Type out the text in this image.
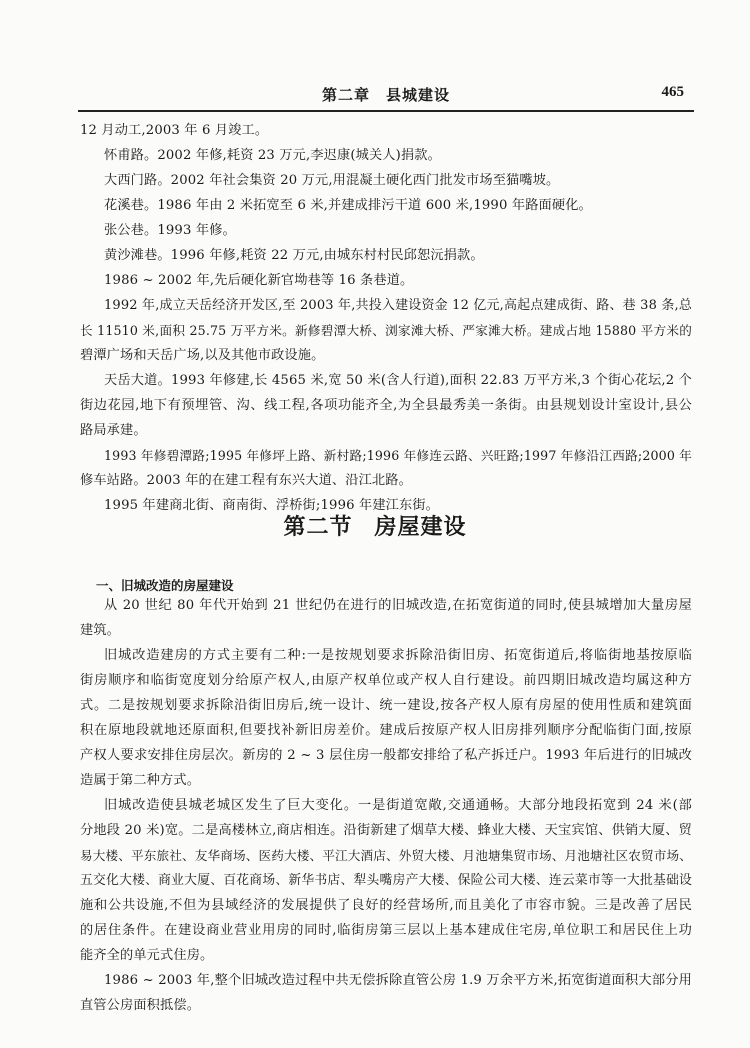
第二章 县城建设	465
12 月动工,2003 年 6 月竣工。
怀甫路。2002 年修,耗资 23 万元,李迟康(城关人)捐款。
大西门路。2002 年社会集资 20 万元,用混凝土硬化西门批发市场至猫嘴坡。
花溪巷。1986 年由 2 米拓宽至 6 米,并建成排污干道 600 米,1990 年路面硬化。
张公巷。1993 年修。
黄沙滩巷。1996 年修,耗资 22 万元,由城东村村民邱恕沅捐款。
1986 ~ 2002 年,先后硬化新官坳巷等 16 条巷道。
1992 年,成立天岳经济开发区,至 2003 年,共投入建设资金 12 亿元,高起点建成街、路、巷 38 条,总
长 11510 米,面积 25.75 万平方米。新修碧潭大桥、浏家滩大桥、严家滩大桥。建成占地 15880 平方米的
碧潭广场和天岳广场,以及其他市政设施。
天岳大道。1993 年修建,长 4565 米,宽 50 米(含人行道),面积 22.83 万平方米,3 个街心花坛,2 个
街边花园,地下有预埋管、沟、线工程,各项功能齐全,为全县最秀美一条街。由县规划设计室设计,县公
路局承建。
1993 年修碧潭路;1995 年修坪上路、新村路;1996 年修连云路、兴旺路;1997 年修沿江西路;2000 年
修车站路。2003 年的在建工程有东兴大道、沿江北路。
1995 年建商北街、商南街、浮桥街;1996 年建江东街。
第二节 房屋建设
一、旧城改造的房屋建设
从 20 世纪 80 年代开始到 21 世纪仍在进行的旧城改造,在拓宽街道的同时,使县城增加大量房屋
建筑。
旧城改造建房的方式主要有二种:一是按规划要求拆除沿街旧房、拓宽街道后,将临街地基按原临
街房顺序和临街宽度划分给原产权人,由原产权单位或产权人自行建设。前四期旧城改造均属这种方
式。二是按规划要求拆除沿街旧房后,统一设计、统一建设,按各产权人原有房屋的使用性质和建筑面
积在原地段就地还原面积,但要找补新旧房差价。建成后按原产权人旧房排列顺序分配临街门面,按原
产权人要求安排住房层次。新房的 2 ~ 3 层住房一般都安排给了私产拆迁户。1993 年后进行的旧城改
造属于第二种方式。
旧城改造使县城老城区发生了巨大变化。一是街道宽敞,交通通畅。大部分地段拓宽到 24 米(部
分地段 20 米)宽。二是高楼林立,商店相连。沿街新建了烟草大楼、蜂业大楼、天宝宾馆、供销大厦、贸
易大楼、平东旅社、友华商场、医药大楼、平江大酒店、外贸大楼、月池塘集贸市场、月池塘社区农贸市场、
五交化大楼、商业大厦、百花商场、新华书店、犁头嘴房产大楼、保险公司大楼、连云菜市等一大批基础设
施和公共设施,不但为县域经济的发展提供了良好的经营场所,而且美化了市容市貌。三是改善了居民
的居住条件。在建设商业营业用房的同时,临街房第三层以上基本建成住宅房,单位职工和居民住上功
能齐全的单元式住房。
1986 ~ 2003 年,整个旧城改造过程中共无偿拆除直管公房 1.9 万余平方米,拓宽街道面积大部分用
直管公房面积抵偿。
